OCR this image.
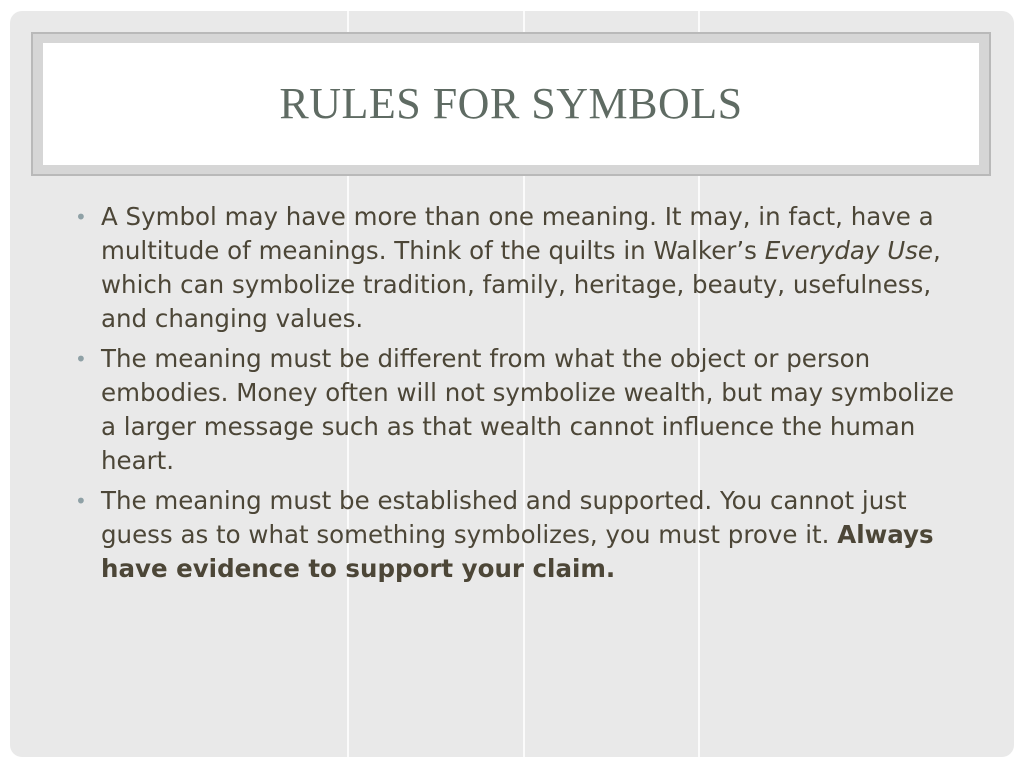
RULES FOR SYMBOLS
• A Symbol may have more than one meaning. It may, in fact, have a multitude of meanings. Think of the quilts in Walker’s Everyday Use, which can symbolize tradition, family, heritage, beauty, usefulness, and changing values.
• The meaning must be different from what the object or person embodies. Money often will not symbolize wealth, but may symbolize a larger message such as that wealth cannot influence the human heart.
• The meaning must be established and supported. You cannot just guess as to what something symbolizes, you must prove it. Always have evidence to support your claim.
